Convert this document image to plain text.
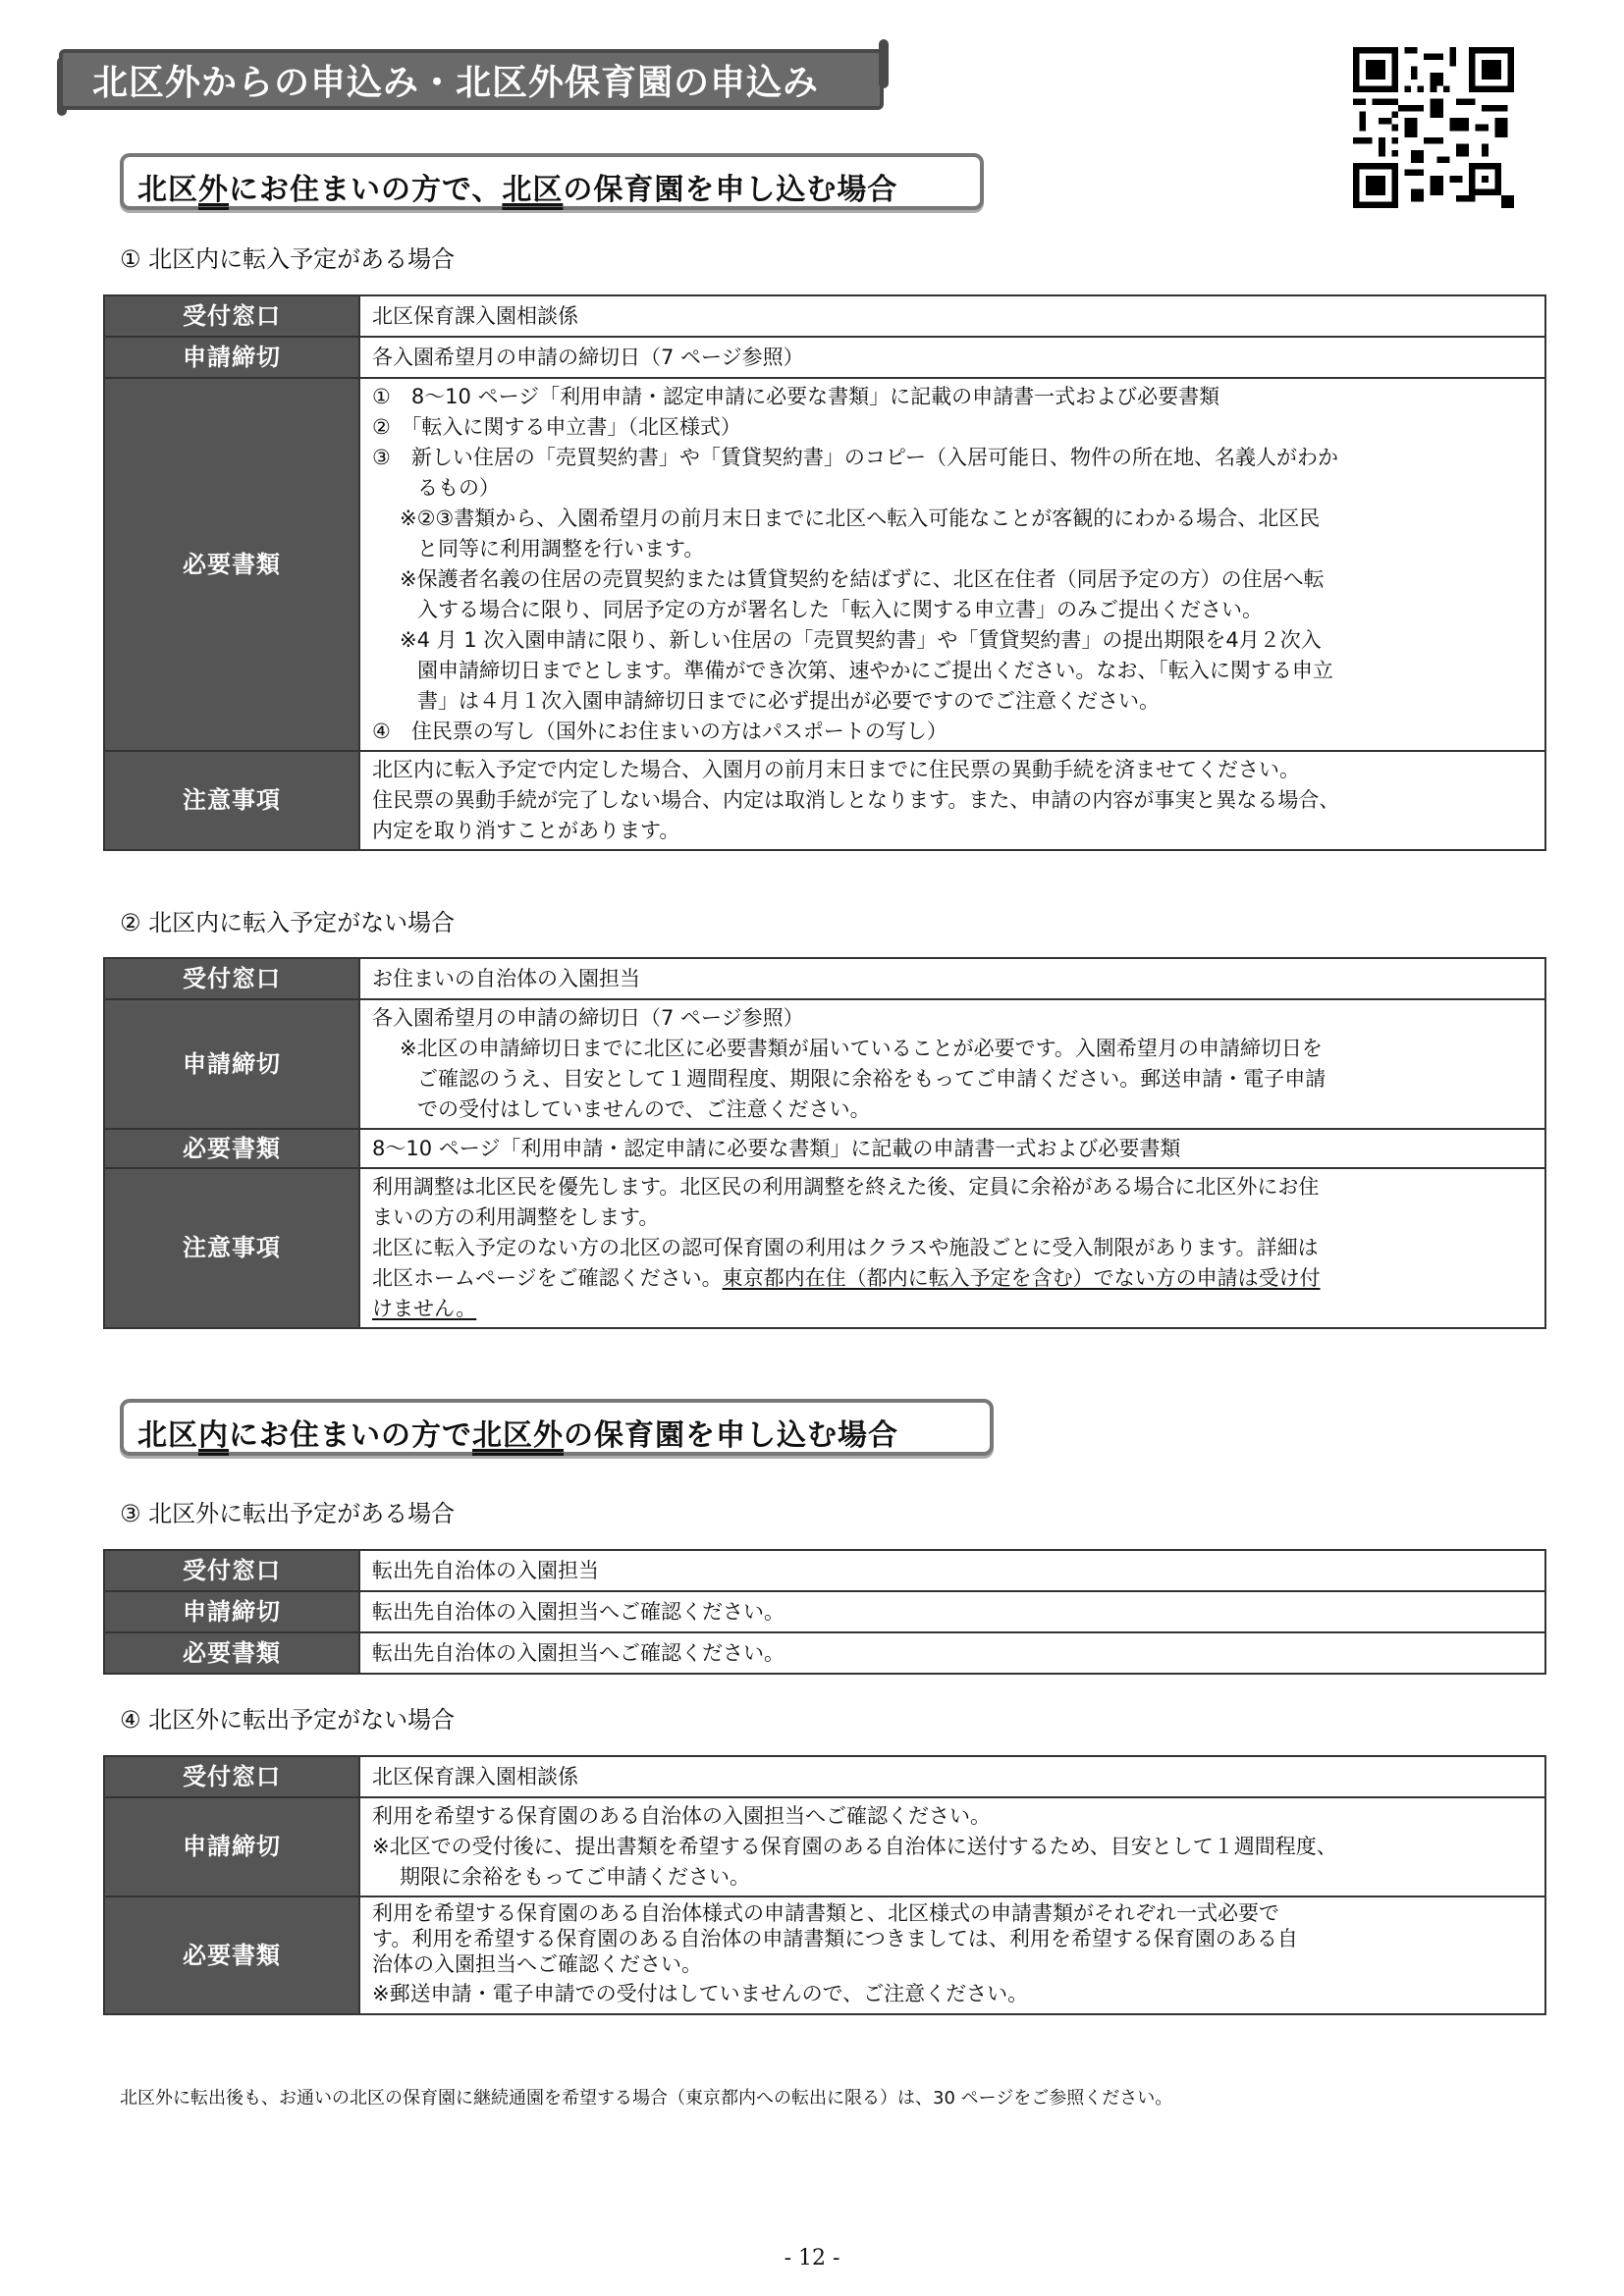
北区外からの申込み・北区外保育園の申込み
北区外にお住まいの方で、北区の保育園を申し込む場合
① 北区内に転入予定がある場合
受付窓口	北区保育課入園相談係

申請締切	各入園希望月の申請の締切日（7 ページ参照）

必要書類	
①　8〜10 ページ「利用申請・認定申請に必要な書類」に記載の申請書一式および必要書類
②　「転入に関する申立書」（北区様式）
③　新しい住居の「売買契約書」や「賃貸契約書」のコピー（入居可能日、物件の所在地、名義人がわか
るもの）
※②③書類から、入園希望月の前月末日までに北区へ転入可能なことが客観的にわかる場合、北区民
と同等に利用調整を行います。
※保護者名義の住居の売買契約または賃貸契約を結ばずに、北区在住者（同居予定の方）の住居へ転
入する場合に限り、同居予定の方が署名した「転入に関する申立書」のみご提出ください。
※4 月 1 次入園申請に限り、新しい住居の「売買契約書」や「賃貸契約書」の提出期限を4月２次入
園申請締切日までとします。準備ができ次第、速やかにご提出ください。なお、「転入に関する申立
書」は４月１次入園申請締切日までに必ず提出が必要ですのでご注意ください。
④　住民票の写し（国外にお住まいの方はパスポートの写し）

注意事項	北区内に転入予定で内定した場合、入園月の前月末日までに住民票の異動手続を済ませてください。
住民票の異動手続が完了しない場合、内定は取消しとなります。また、申請の内容が事実と異なる場合、
内定を取り消すことがあります。
② 北区内に転入予定がない場合
受付窓口	お住まいの自治体の入園担当

申請締切	各入園希望月の申請の締切日（7 ページ参照）
※北区の申請締切日までに北区に必要書類が届いていることが必要です。入園希望月の申請締切日を
ご確認のうえ、目安として１週間程度、期限に余裕をもってご申請ください。郵送申請・電子申請
での受付はしていませんので、ご注意ください。

必要書類	8〜10 ページ「利用申請・認定申請に必要な書類」に記載の申請書一式および必要書類

注意事項	利用調整は北区民を優先します。北区民の利用調整を終えた後、定員に余裕がある場合に北区外にお住
まいの方の利用調整をします。
北区に転入予定のない方の北区の認可保育園の利用はクラスや施設ごとに受入制限があります。詳細は
北区ホームページをご確認ください。東京都内在住（都内に転入予定を含む）でない方の申請は受け付
けません。
北区内にお住まいの方で北区外の保育園を申し込む場合
③ 北区外に転出予定がある場合
受付窓口	転出先自治体の入園担当

申請締切	転出先自治体の入園担当へご確認ください。

必要書類	転出先自治体の入園担当へご確認ください。
④ 北区外に転出予定がない場合
受付窓口	北区保育課入園相談係

申請締切	利用を希望する保育園のある自治体の入園担当へご確認ください。
※北区での受付後に、提出書類を希望する保育園のある自治体に送付するため、目安として１週間程度、
期限に余裕をもってご申請ください。

必要書類	利用を希望する保育園のある自治体様式の申請書類と、北区様式の申請書類がそれぞれ一式必要で
す。利用を希望する保育園のある自治体の申請書類につきましては、利用を希望する保育園のある自
治体の入園担当へご確認ください。
※郵送申請・電子申請での受付はしていませんので、ご注意ください。
北区外に転出後も、お通いの北区の保育園に継続通園を希望する場合（東京都内への転出に限る）は、30 ページをご参照ください。
- 12 -
